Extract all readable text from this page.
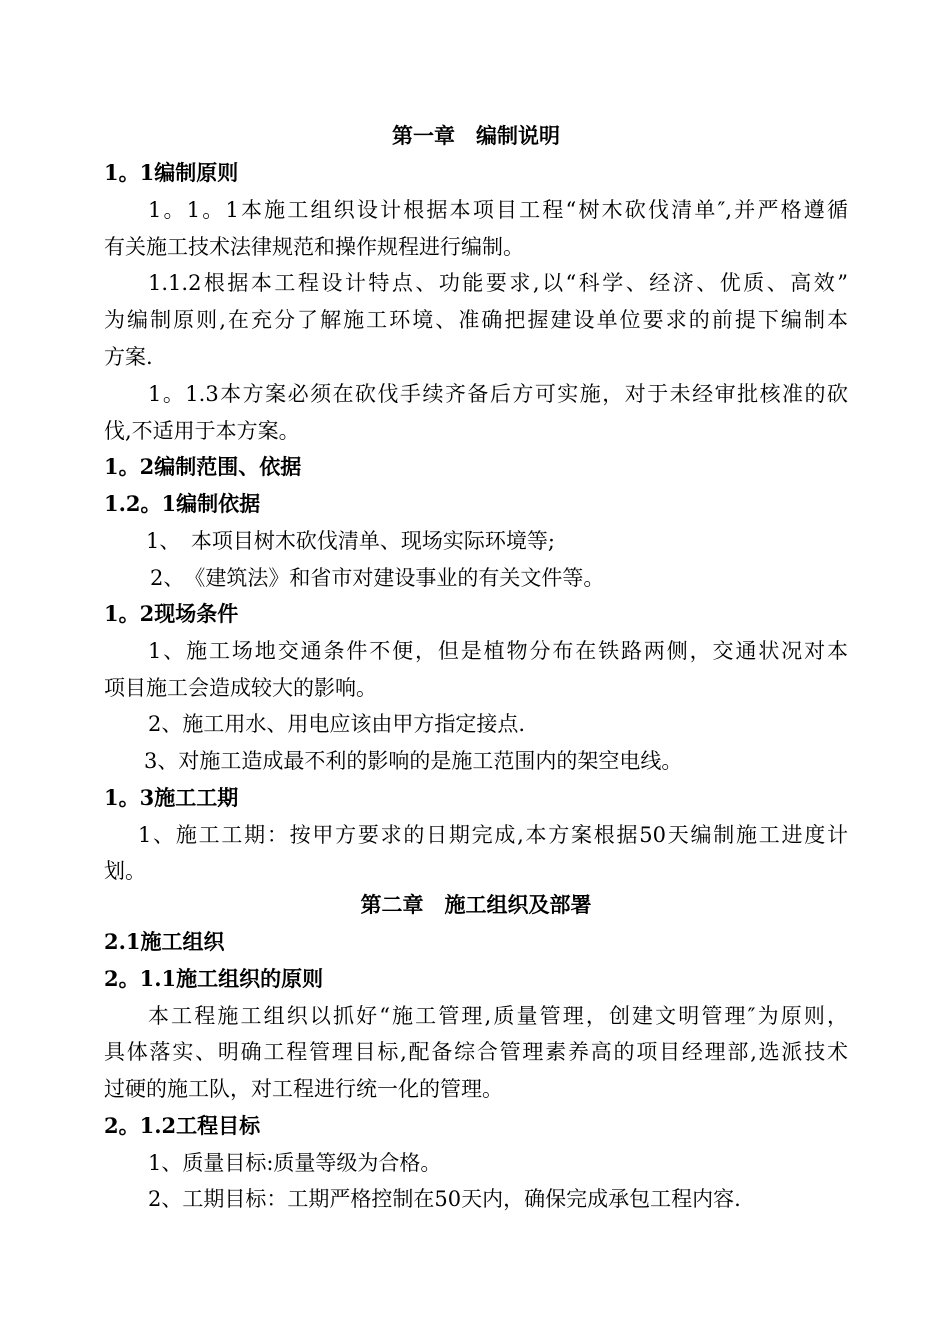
第一章　编制说明
1。1编制原则
1。1。1本施工组织设计根据本项目工程“树木砍伐清单″,并严格遵循
有关施工技术法律规范和操作规程进行编制。
1.1.2根据本工程设计特点、功能要求,以“科学、经济、优质、高效”
为编制原则,在充分了解施工环境、准确把握建设单位要求的前提下编制本
方案.
1。1.3本方案必须在砍伐手续齐备后方可实施，对于未经审批核准的砍
伐,不适用于本方案。
1。2编制范围、依据
1.2。1编制依据
1、　本项目树木砍伐清单、现场实际环境等;
2、　《建筑法》和省市对建设事业的有关文件等。
1。2现场条件
1、施工场地交通条件不便，但是植物分布在铁路两侧，交通状况对本
项目施工会造成较大的影响。
2、施工用水、用电应该由甲方指定接点.
3、对施工造成最不利的影响的是施工范围内的架空电线。
1。3施工工期
1、施工工期：按甲方要求的日期完成,本方案根据50天编制施工进度计
划。
第二章　施工组织及部署
2.1施工组织
2。1.1施工组织的原则
本工程施工组织以抓好“施工管理,质量管理，创建文明管理″为原则，
具体落实、明确工程管理目标,配备综合管理素养高的项目经理部,选派技术
过硬的施工队，对工程进行统一化的管理。
2。1.2工程目标
1、质量目标:质量等级为合格。
2、工期目标：工期严格控制在50天内，确保完成承包工程内容.
